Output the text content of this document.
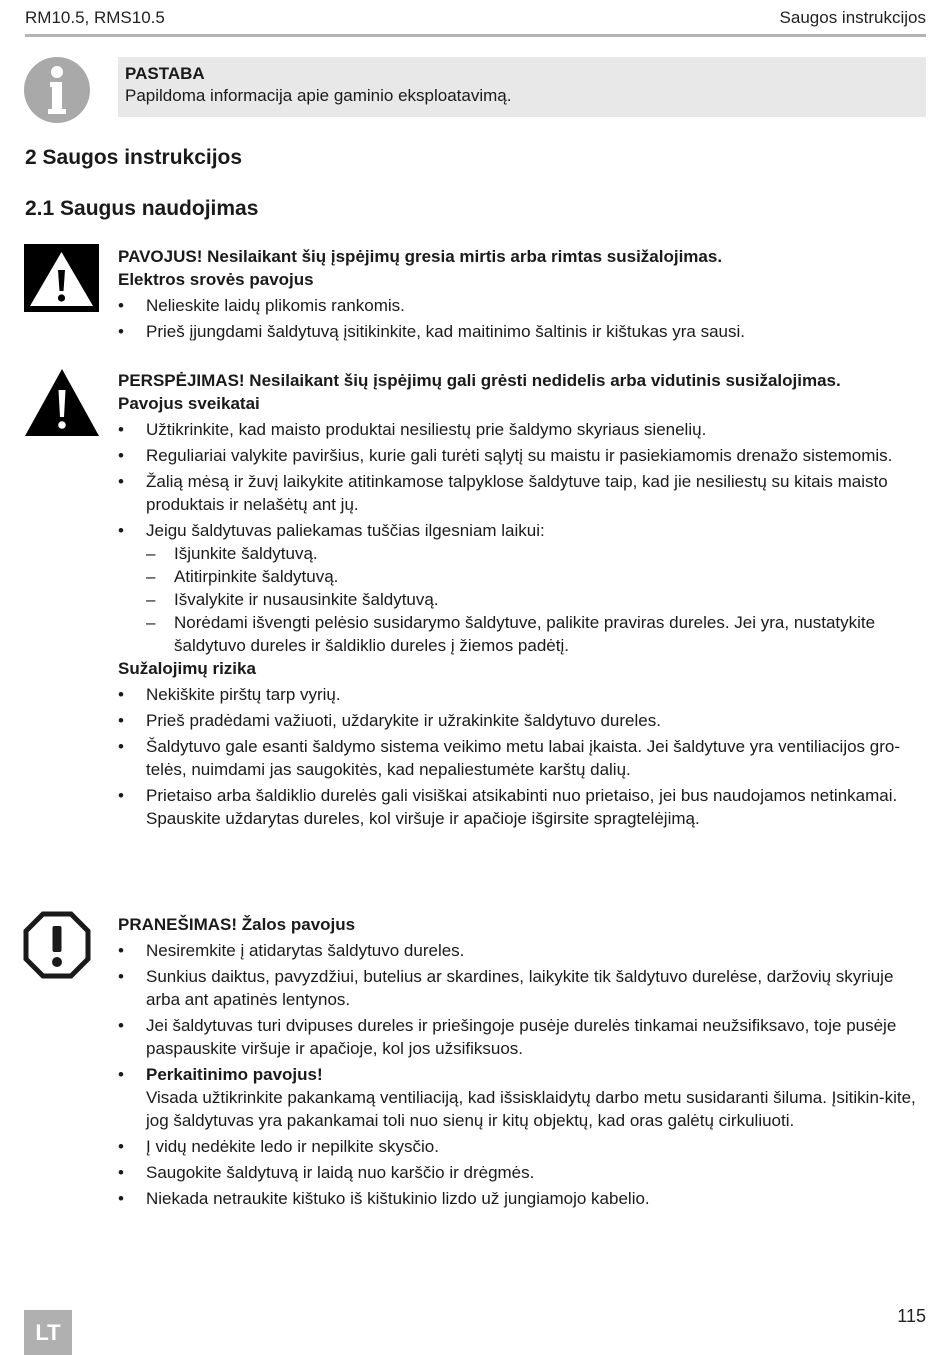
RM10.5, RMS10.5	Saugos instrukcijos
PASTABA
Papildoma informacija apie gaminio eksploatavimą.
2 Saugos instrukcijos
2.1 Saugus naudojimas
PAVOJUS! Nesilaikant šių įspėjimų gresia mirtis arba rimtas susižalojimas.
Elektros srovės pavojus
• Nelieskite laidų plikomis rankomis.
• Prieš įjungdami šaldytuvą įsitikinkite, kad maitinimo šaltinis ir kištukas yra sausi.
PERSPĖJIMAS! Nesilaikant šių įspėjimų gali grėsti nedidelis arba vidutinis susižalojimas.
Pavojus sveikatai
• Užtikrinkite, kad maisto produktai nesiliestų prie šaldymo skyriaus sienelių.
• Reguliariai valykite paviršius, kurie gali turėti sąlytį su maistu ir pasiekiamomis drenažo sistemomis.
• Žalią mėsą ir žuvį laikykite atitinkamose talpyklose šaldytuve taip, kad jie nesiliestų su kitais maisto produktais ir nelašėtų ant jų.
• Jeigu šaldytuvas paliekamas tuščias ilgesniam laikui:
– Išjunkite šaldytuvą.
– Atitirpinkite šaldytuvą.
– Išvalykite ir nusausinkite šaldytuvą.
– Norėdami išvengti pelėsio susidarymo šaldytuve, palikite praviras dureles. Jei yra, nustatykite šaldytuvo dureles ir šaldiklio dureles į žiemos padėtį.
Sužalojimų rizika
• Nekiškite pirštų tarp vyrių.
• Prieš pradėdami važiuoti, uždarykite ir užrakinkite šaldytuvo dureles.
• Šaldytuvo gale esanti šaldymo sistema veikimo metu labai įkaista. Jei šaldytuve yra ventiliacijos gro-telės, nuimdami jas saugokitės, kad nepaliestumėte karštų dalių.
• Prietaiso arba šaldiklio durelės gali visiškai atsikabinti nuo prietaiso, jei bus naudojamos netinkamai. Spauskite uždarytas dureles, kol viršuje ir apačioje išgirsite spragtelėjimą.
PRANEŠIMAS! Žalos pavojus
• Nesiremkite į atidarytas šaldytuvo dureles.
• Sunkius daiktus, pavyzdžiui, butelius ar skardines, laikykite tik šaldytuvo durelėse, daržovių skyriuje arba ant apatinės lentynos.
• Jei šaldytuvas turi dvipuses dureles ir priešingoje pusėje durelės tinkamai neužsifiksavo, toje pusėje paspauskite viršuje ir apačioje, kol jos užsifiksuos.
• Perkaitinimo pavojus!
Visada užtikrinkite pakankamą ventiliaciją, kad išsisklaidytų darbo metu susidaranti šiluma. Įsitikin-kite, jog šaldytuvas yra pakankamai toli nuo sienų ir kitų objektų, kad oras galėtų cirkuliuoti.
• Į vidų nedėkite ledo ir nepilkite skysčio.
• Saugokite šaldytuvą ir laidą nuo karščio ir drėgmės.
• Niekada netraukite kištuko iš kištukinio lizdo už jungiamojo kabelio.
LT
115
